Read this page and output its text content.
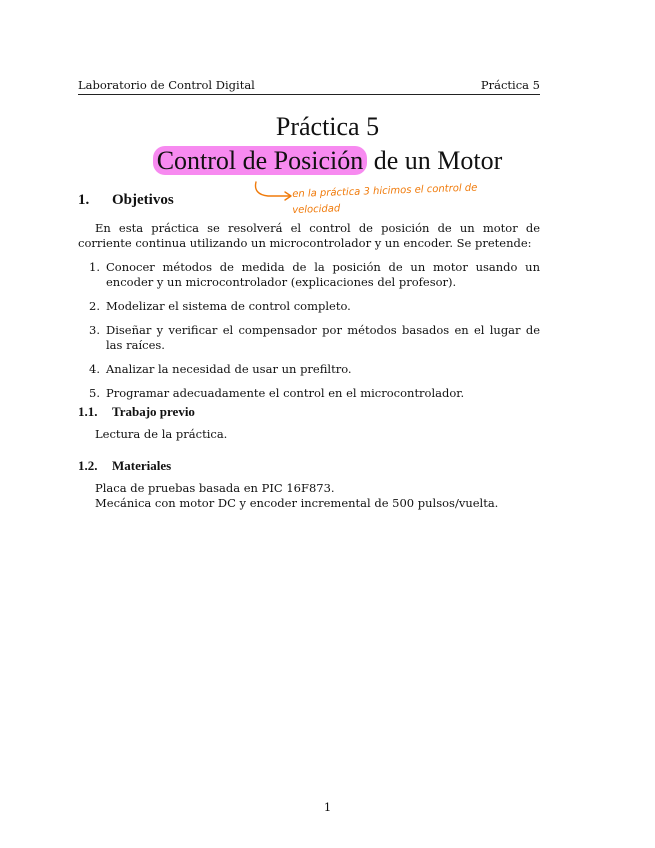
Laboratorio de Control Digital	Práctica 5
Práctica 5
Control de Posición de un Motor
en la práctica 3 hicimos el control de
velocidad
1. Objetivos
En esta práctica se resolverá el control de posición de un motor de corriente continua utilizando un microcontrolador y un encoder. Se pretende:
1. Conocer métodos de medida de la posición de un motor usando un encoder y un microcontrolador (explicaciones del profesor).
2. Modelizar el sistema de control completo.
3. Diseñar y verificar el compensador por métodos basados en el lugar de las raíces.
4. Analizar la necesidad de usar un prefiltro.
5. Programar adecuadamente el control en el microcontrolador.
1.1. Trabajo previo
Lectura de la práctica.
1.2. Materiales
Placa de pruebas basada en PIC 16F873.
Mecánica con motor DC y encoder incremental de 500 pulsos/vuelta.
1
